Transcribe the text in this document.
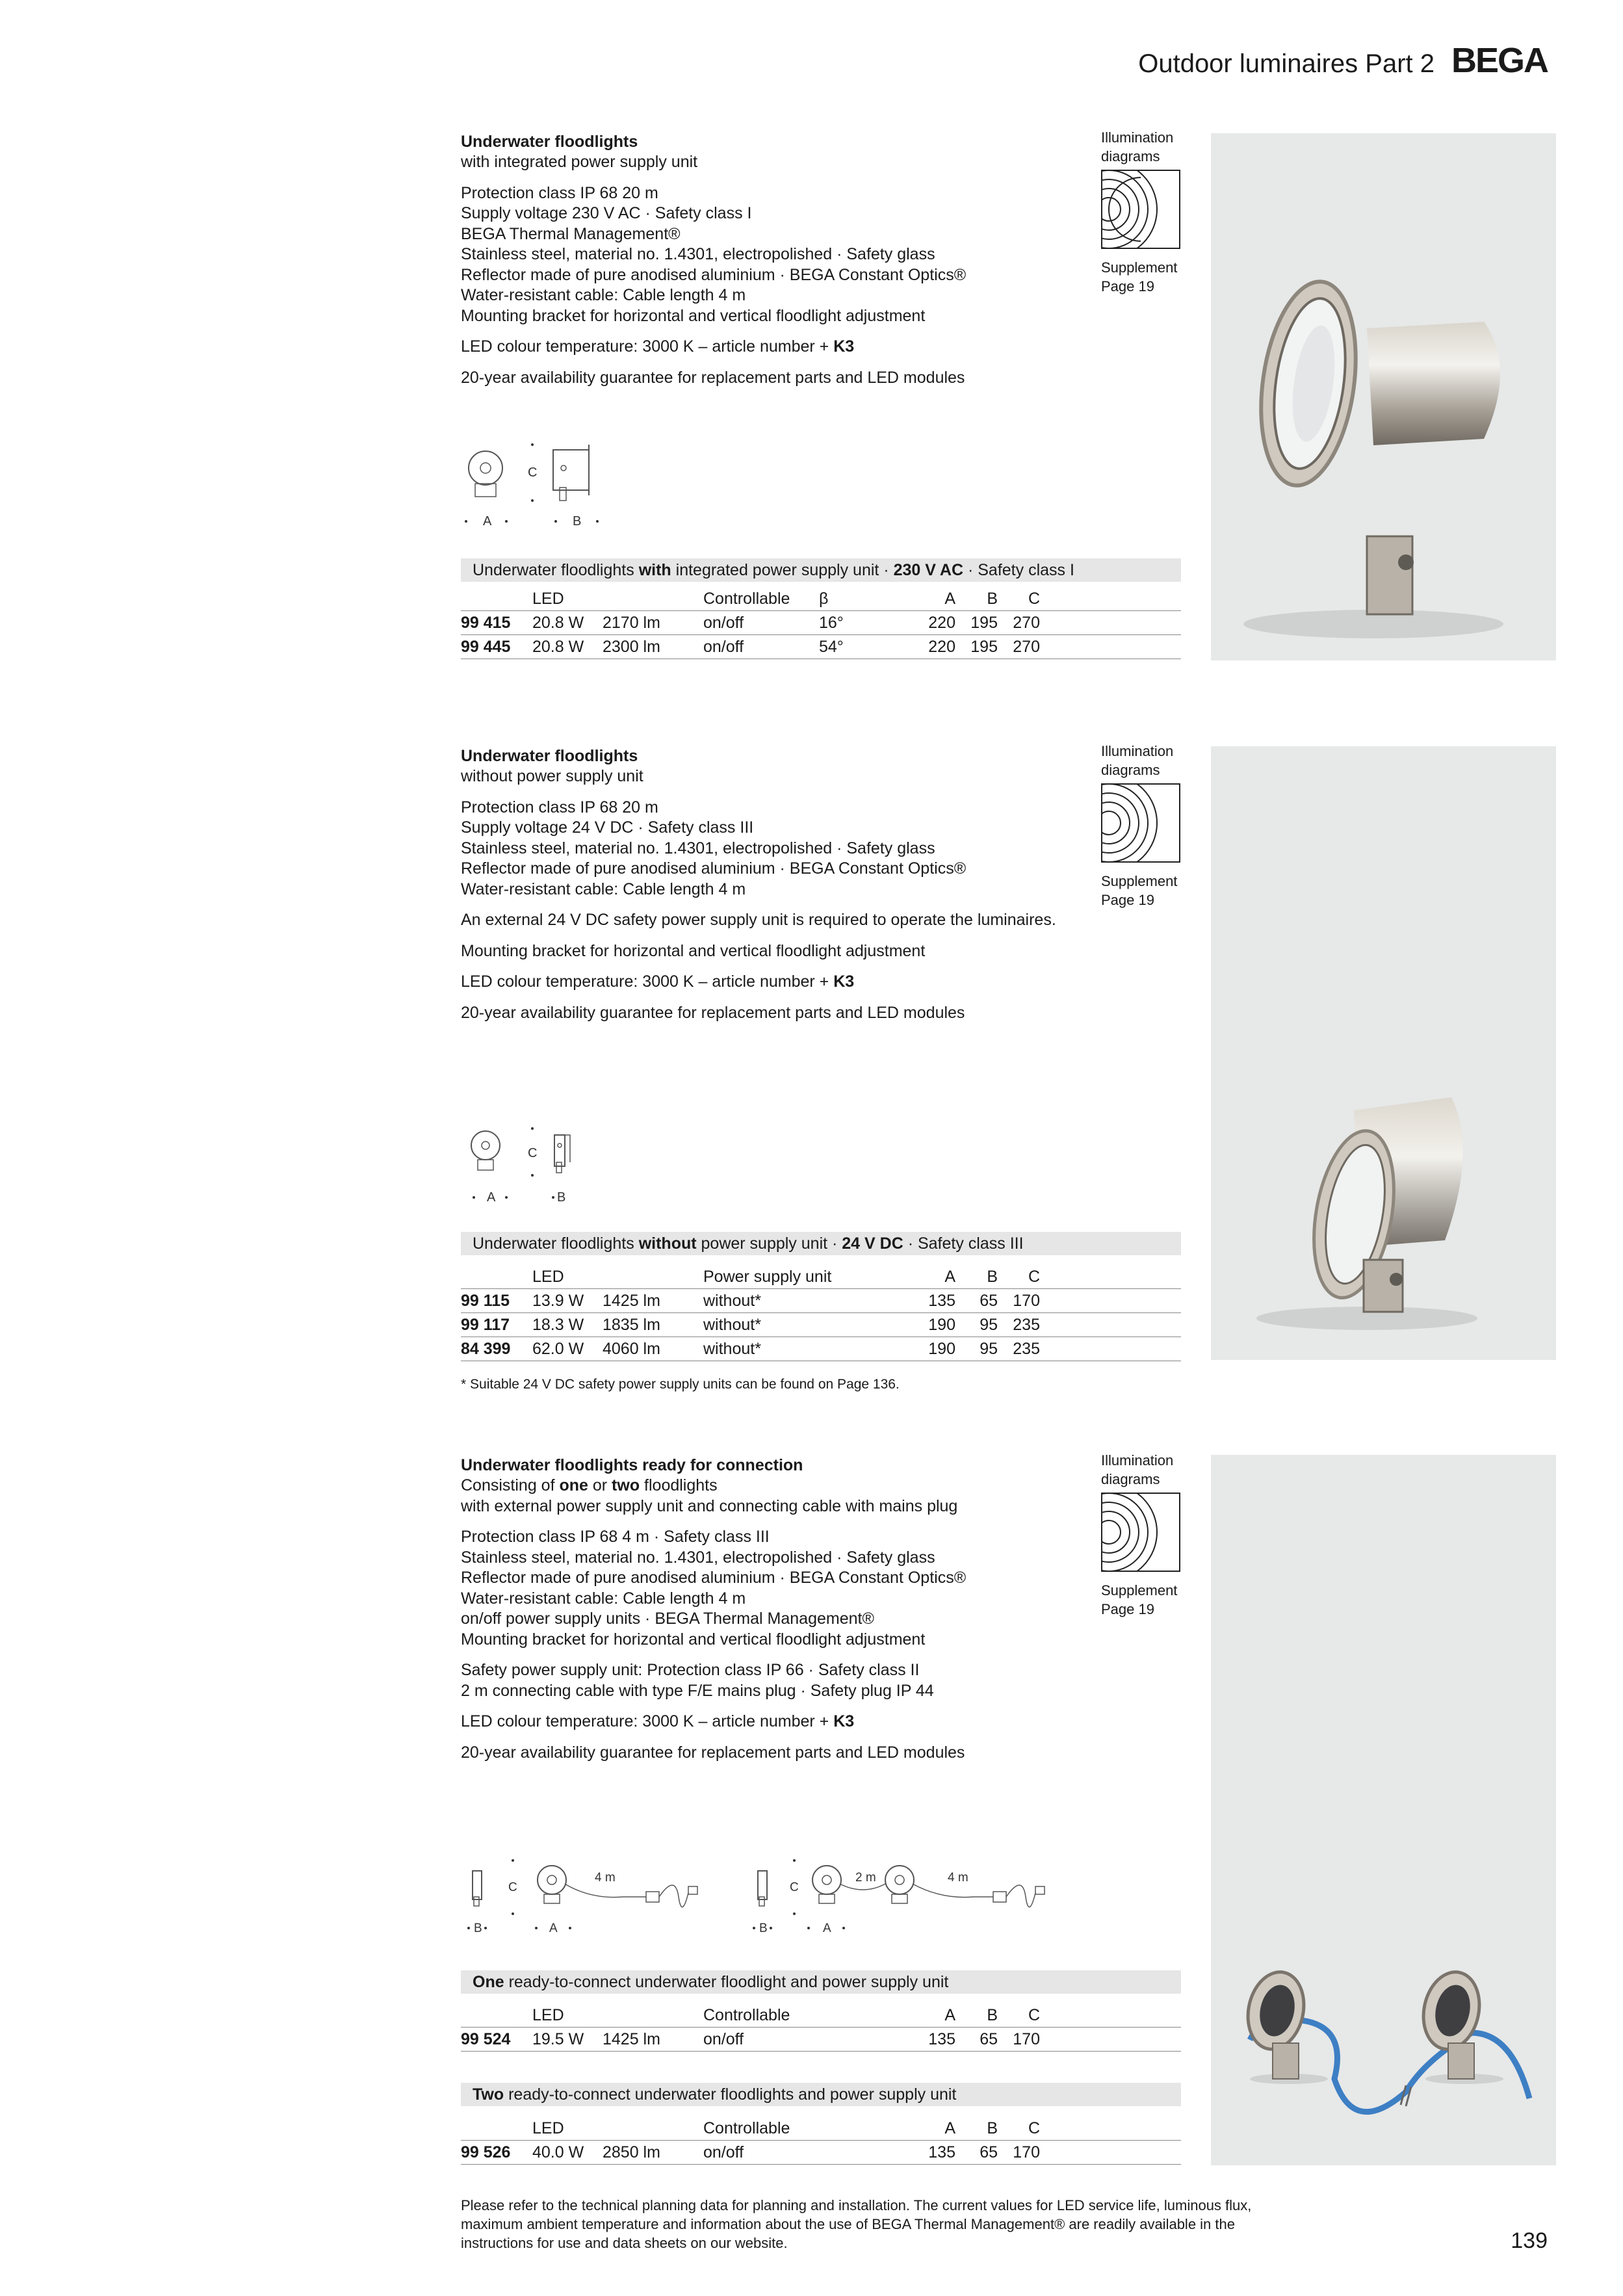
Outdoor luminaires Part 2 BEGA
Underwater floodlights
with integrated power supply unit
Protection class IP 68 20 m
Supply voltage 230 V AC · Safety class I
BEGA Thermal Management®
Stainless steel, material no. 1.4301, electropolished · Safety glass
Reflector made of pure anodised aluminium · BEGA Constant Optics®
Water-resistant cable: Cable length 4 m
Mounting bracket for horizontal and vertical floodlight adjustment
LED colour temperature: 3000 K – article number + K3
20-year availability guarantee for replacement parts and LED modules
Illumination
diagrams
Supplement
Page 19
A
C
B
Underwater floodlights with integrated power supply unit · 230 V AC · Safety class I
	LED		Controllable	β	A	B	C	
99 415	20.8 W	2170 lm	on/off	16°	220	195	270	
99 445	20.8 W	2300 lm	on/off	54°	220	195	270	
Underwater floodlights
without power supply unit
Protection class IP 68 20 m
Supply voltage 24 V DC · Safety class III
Stainless steel, material no. 1.4301, electropolished · Safety glass
Reflector made of pure anodised aluminium · BEGA Constant Optics®
Water-resistant cable: Cable length 4 m
An external 24 V DC safety power supply unit is required to operate the luminaires.
Mounting bracket for horizontal and vertical floodlight adjustment
LED colour temperature: 3000 K – article number + K3
20-year availability guarantee for replacement parts and LED modules
Illumination
diagrams
Supplement
Page 19
A
C
B
Underwater floodlights without power supply unit · 24 V DC · Safety class III
	LED		Power supply unit	A	B	C	
99 115	13.9 W	1425 lm	without*	135	65	170	
99 117	18.3 W	1835 lm	without*	190	95	235	
84 399	62.0 W	4060 lm	without*	190	95	235	
* Suitable 24 V DC safety power supply units can be found on Page 136.
Underwater floodlights ready for connection
Consisting of one or two floodlights
with external power supply unit and connecting cable with mains plug
Protection class IP 68 4 m · Safety class III
Stainless steel, material no. 1.4301, electropolished · Safety glass
Reflector made of pure anodised aluminium · BEGA Constant Optics®
Water-resistant cable: Cable length 4 m
on/off power supply units · BEGA Thermal Management®
Mounting bracket for horizontal and vertical floodlight adjustment
Safety power supply unit: Protection class IP 66 · Safety class II
2 m connecting cable with type F/E mains plug · Safety plug IP 44
LED colour temperature: 3000 K – article number + K3
20-year availability guarantee for replacement parts and LED modules
Illumination
diagrams
Supplement
Page 19
B
C
A
4 m
B
C
A
2 m	4 m
One ready-to-connect underwater floodlight and power supply unit
	LED		Controllable	A	B	C	
99 524	19.5 W	1425 lm	on/off	135	65	170	
Two ready-to-connect underwater floodlights and power supply unit
	LED		Controllable	A	B	C	
99 526	40.0 W	2850 lm	on/off	135	65	170	
Please refer to the technical planning data for planning and installation. The current values for LED service life, luminous flux,
maximum ambient temperature and information about the use of BEGA Thermal Management® are readily available in the
instructions for use and data sheets on our website.	139
